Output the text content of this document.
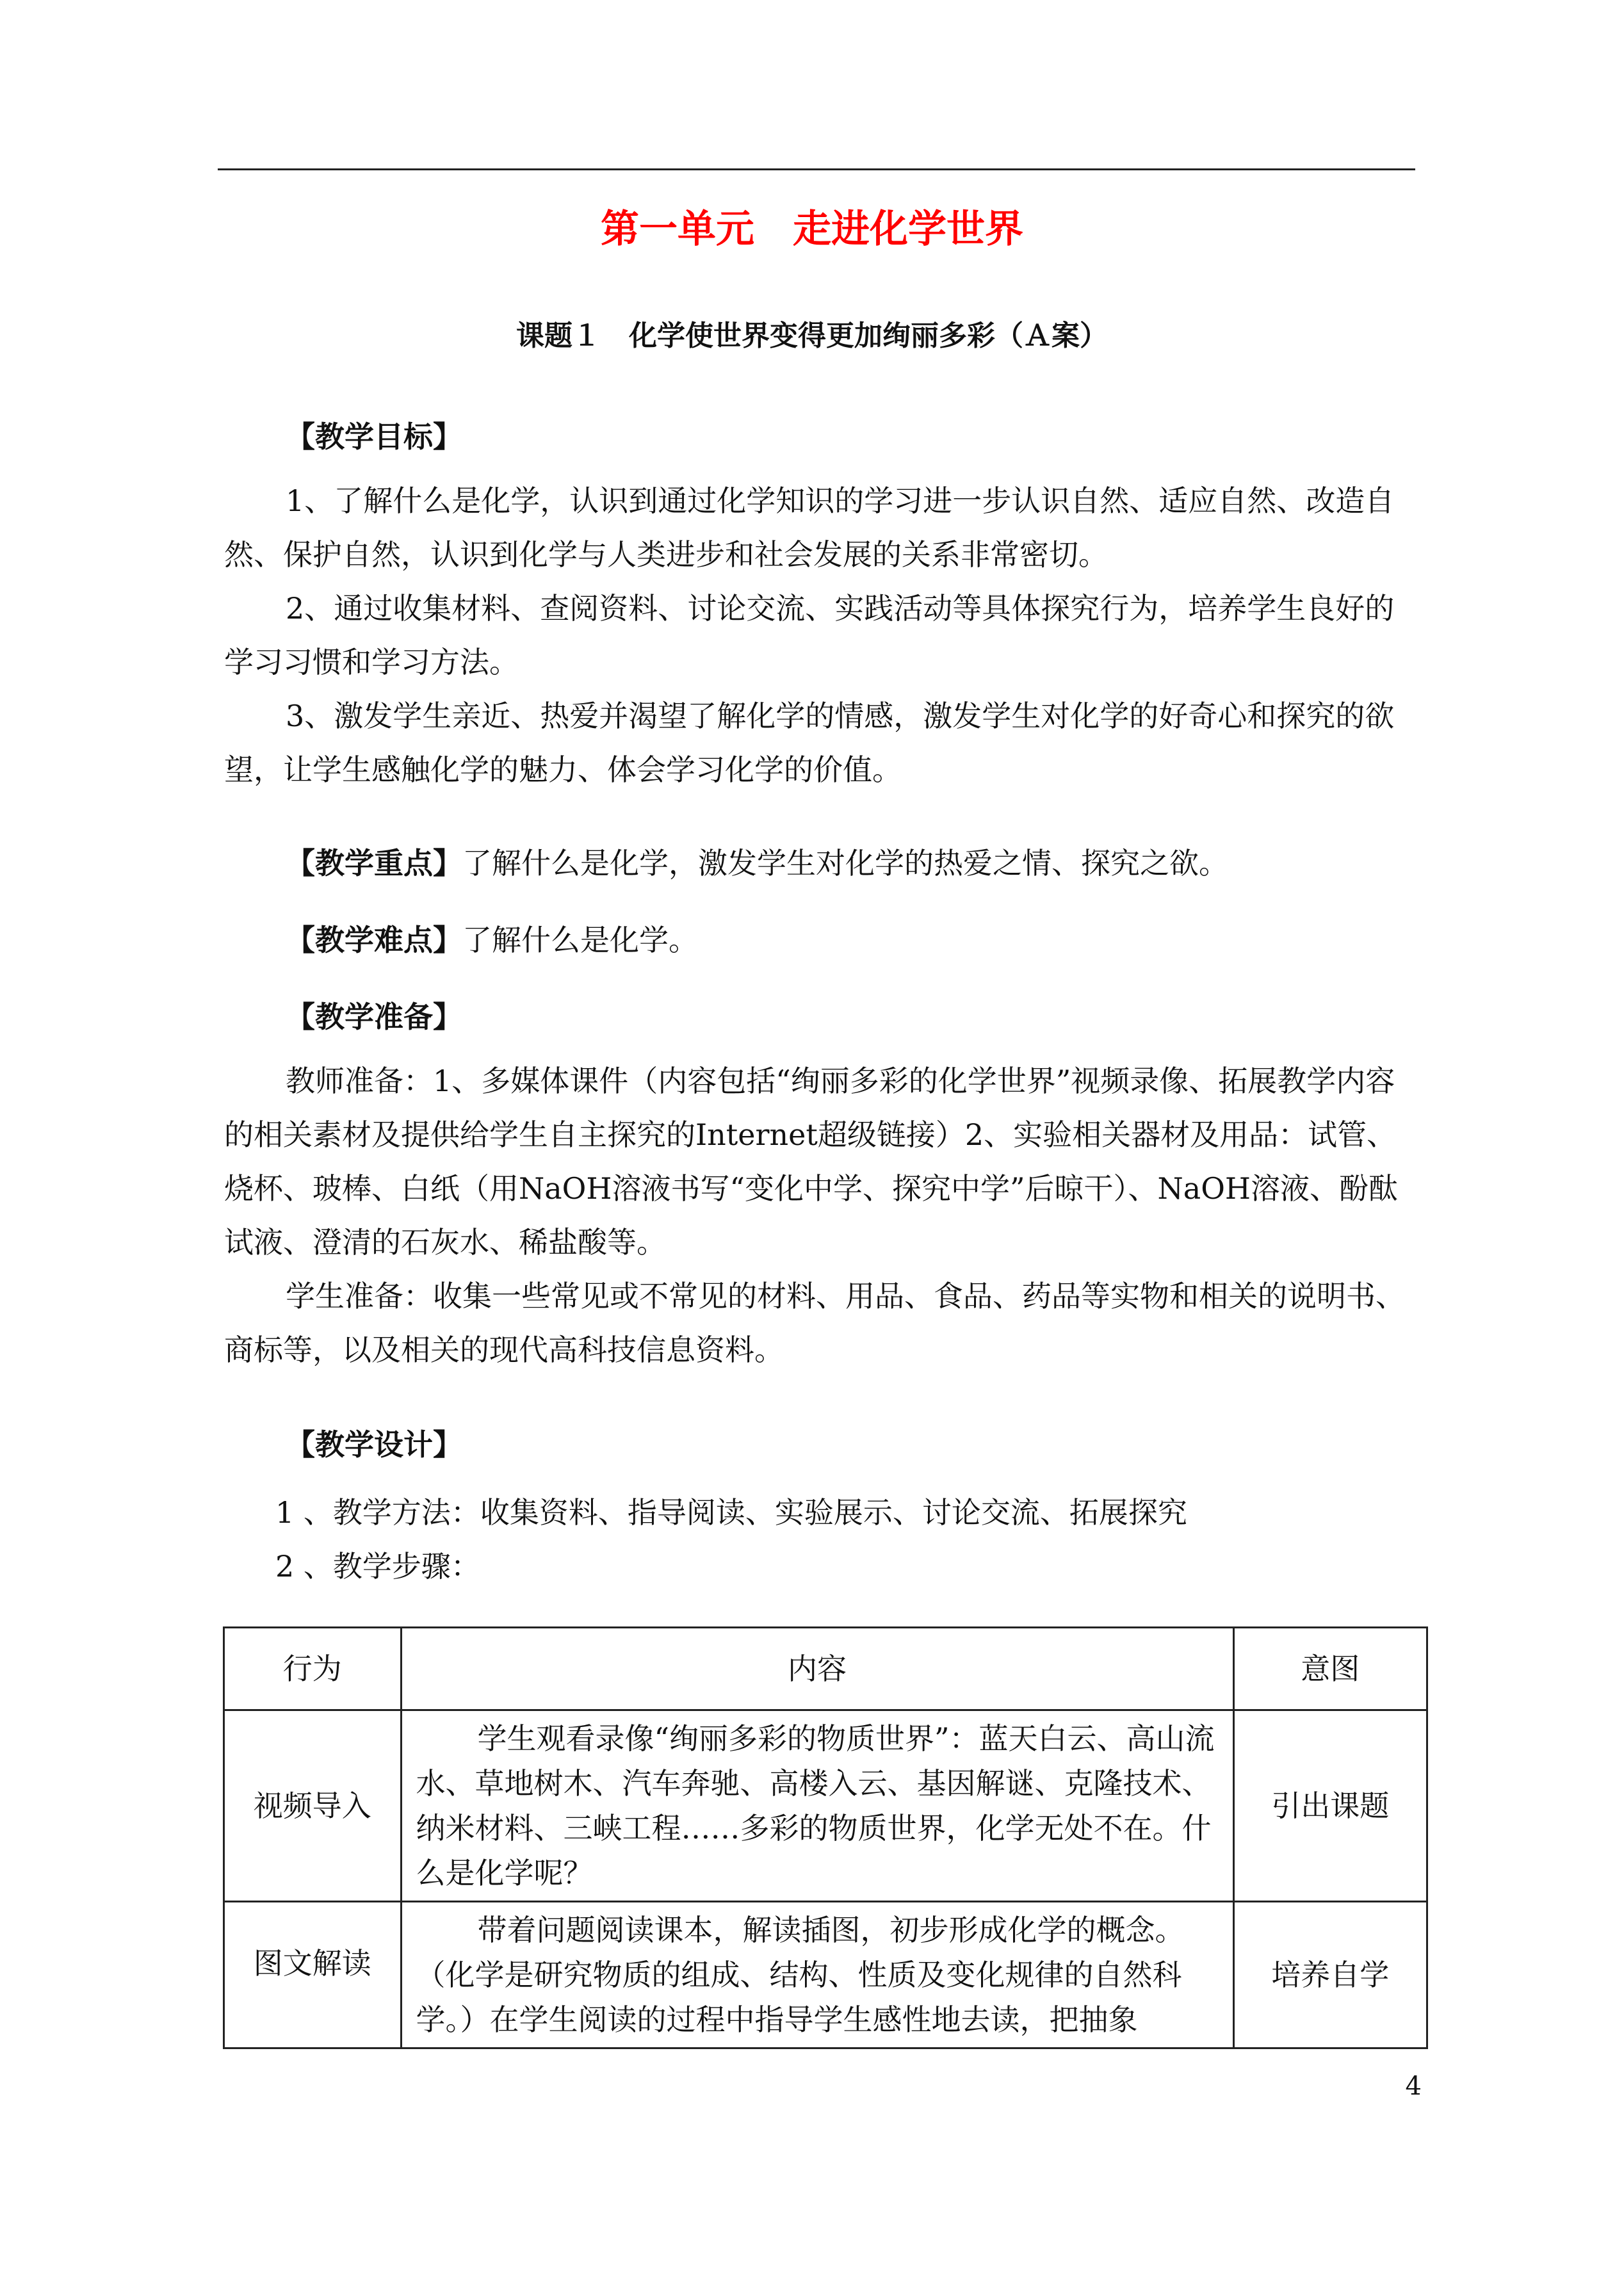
第一单元　走进化学世界
课题１　化学使世界变得更加绚丽多彩（Ａ案）

【教学目标】

1、了解什么是化学，认识到通过化学知识的学习进一步认识自然、适应自然、改造自然、保护自然，认识到化学与人类进步和社会发展的关系非常密切。

2、通过收集材料、查阅资料、讨论交流、实践活动等具体探究行为，培养学生良好的学习习惯和学习方法。

3、激发学生亲近、热爱并渴望了解化学的情感，激发学生对化学的好奇心和探究的欲望，让学生感触化学的魅力、体会学习化学的价值。

【教学重点】了解什么是化学，激发学生对化学的热爱之情、探究之欲。

【教学难点】了解什么是化学。

【教学准备】

教师准备：1、多媒体课件（内容包括“绚丽多彩的化学世界”视频录像、拓展教学内容的相关素材及提供给学生自主探究的Internet超级链接）2、实验相关器材及用品：试管、烧杯、玻棒、白纸（用NaOH溶液书写“变化中学、探究中学”后晾干）、NaOH溶液、酚酞试液、澄清的石灰水、稀盐酸等。

学生准备：收集一些常见或不常见的材料、用品、食品、药品等实物和相关的说明书、商标等，以及相关的现代高科技信息资料。

【教学设计】

1 、教学方法：收集资料、指导阅读、实验展示、讨论交流、拓展探究

2 、教学步骤：

行为	内容	意图
视频导入	学生观看录像“绚丽多彩的物质世界”：蓝天白云、高山流水、草地树木、汽车奔驰、高楼入云、基因解谜、克隆技术、纳米材料、三峡工程……多彩的物质世界，化学无处不在。什么是化学呢？	引出课题
图文解读	带着问题阅读课本，解读插图，初步形成化学的概念。（化学是研究物质的组成、结构、性质及变化规律的自然科学。）在学生阅读的过程中指导学生感性地去读，把抽象	培养自学
4
